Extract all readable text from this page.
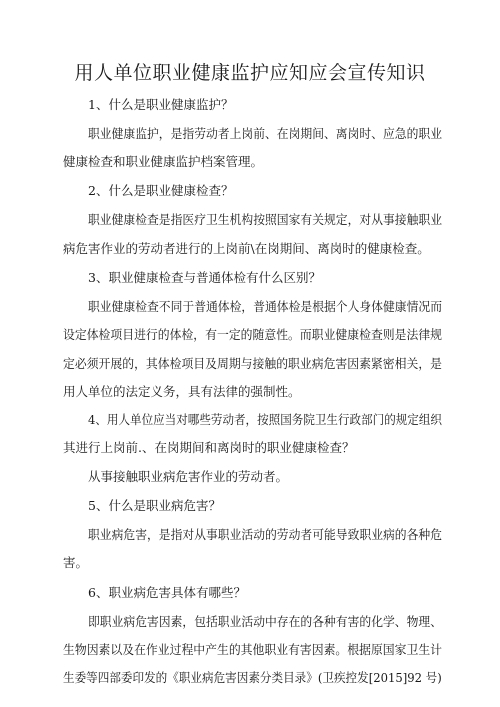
用人单位职业健康监护应知应会宣传知识
1、什么是职业健康监护？
职业健康监护，是指劳动者上岗前、在岗期间、离岗时、应急的职业
健康检查和职业健康监护档案管理。
2、什么是职业健康检查？
职业健康检查是指医疗卫生机构按照国家有关规定，对从事接触职业
病危害作业的劳动者进行的上岗前\在岗期间、离岗时的健康检查。
3、职业健康检查与普通体检有什么区别？
职业健康检查不同于普通体检，普通体检是根据个人身体健康情况而
设定体检项目进行的体检，有一定的随意性。而职业健康检查则是法律规
定必须开展的，其体检项目及周期与接触的职业病危害因素紧密相关，是
用人单位的法定义务，具有法律的强制性。
4、用人单位应当对哪些劳动者，按照国务院卫生行政部门的规定组织
其进行上岗前.、在岗期间和离岗时的职业健康检查？
从事接触职业病危害作业的劳动者。
5、什么是职业病危害？
职业病危害，是指对从事职业活动的劳动者可能导致职业病的各种危
害。
6、职业病危害具体有哪些？
即职业病危害因素，包括职业活动中存在的各种有害的化学、物理、
生物因素以及在作业过程中产生的其他职业有害因素。根据原国家卫生计
生委等四部委印发的《职业病危害因素分类目录》(卫疾控发[2015]92 号)
